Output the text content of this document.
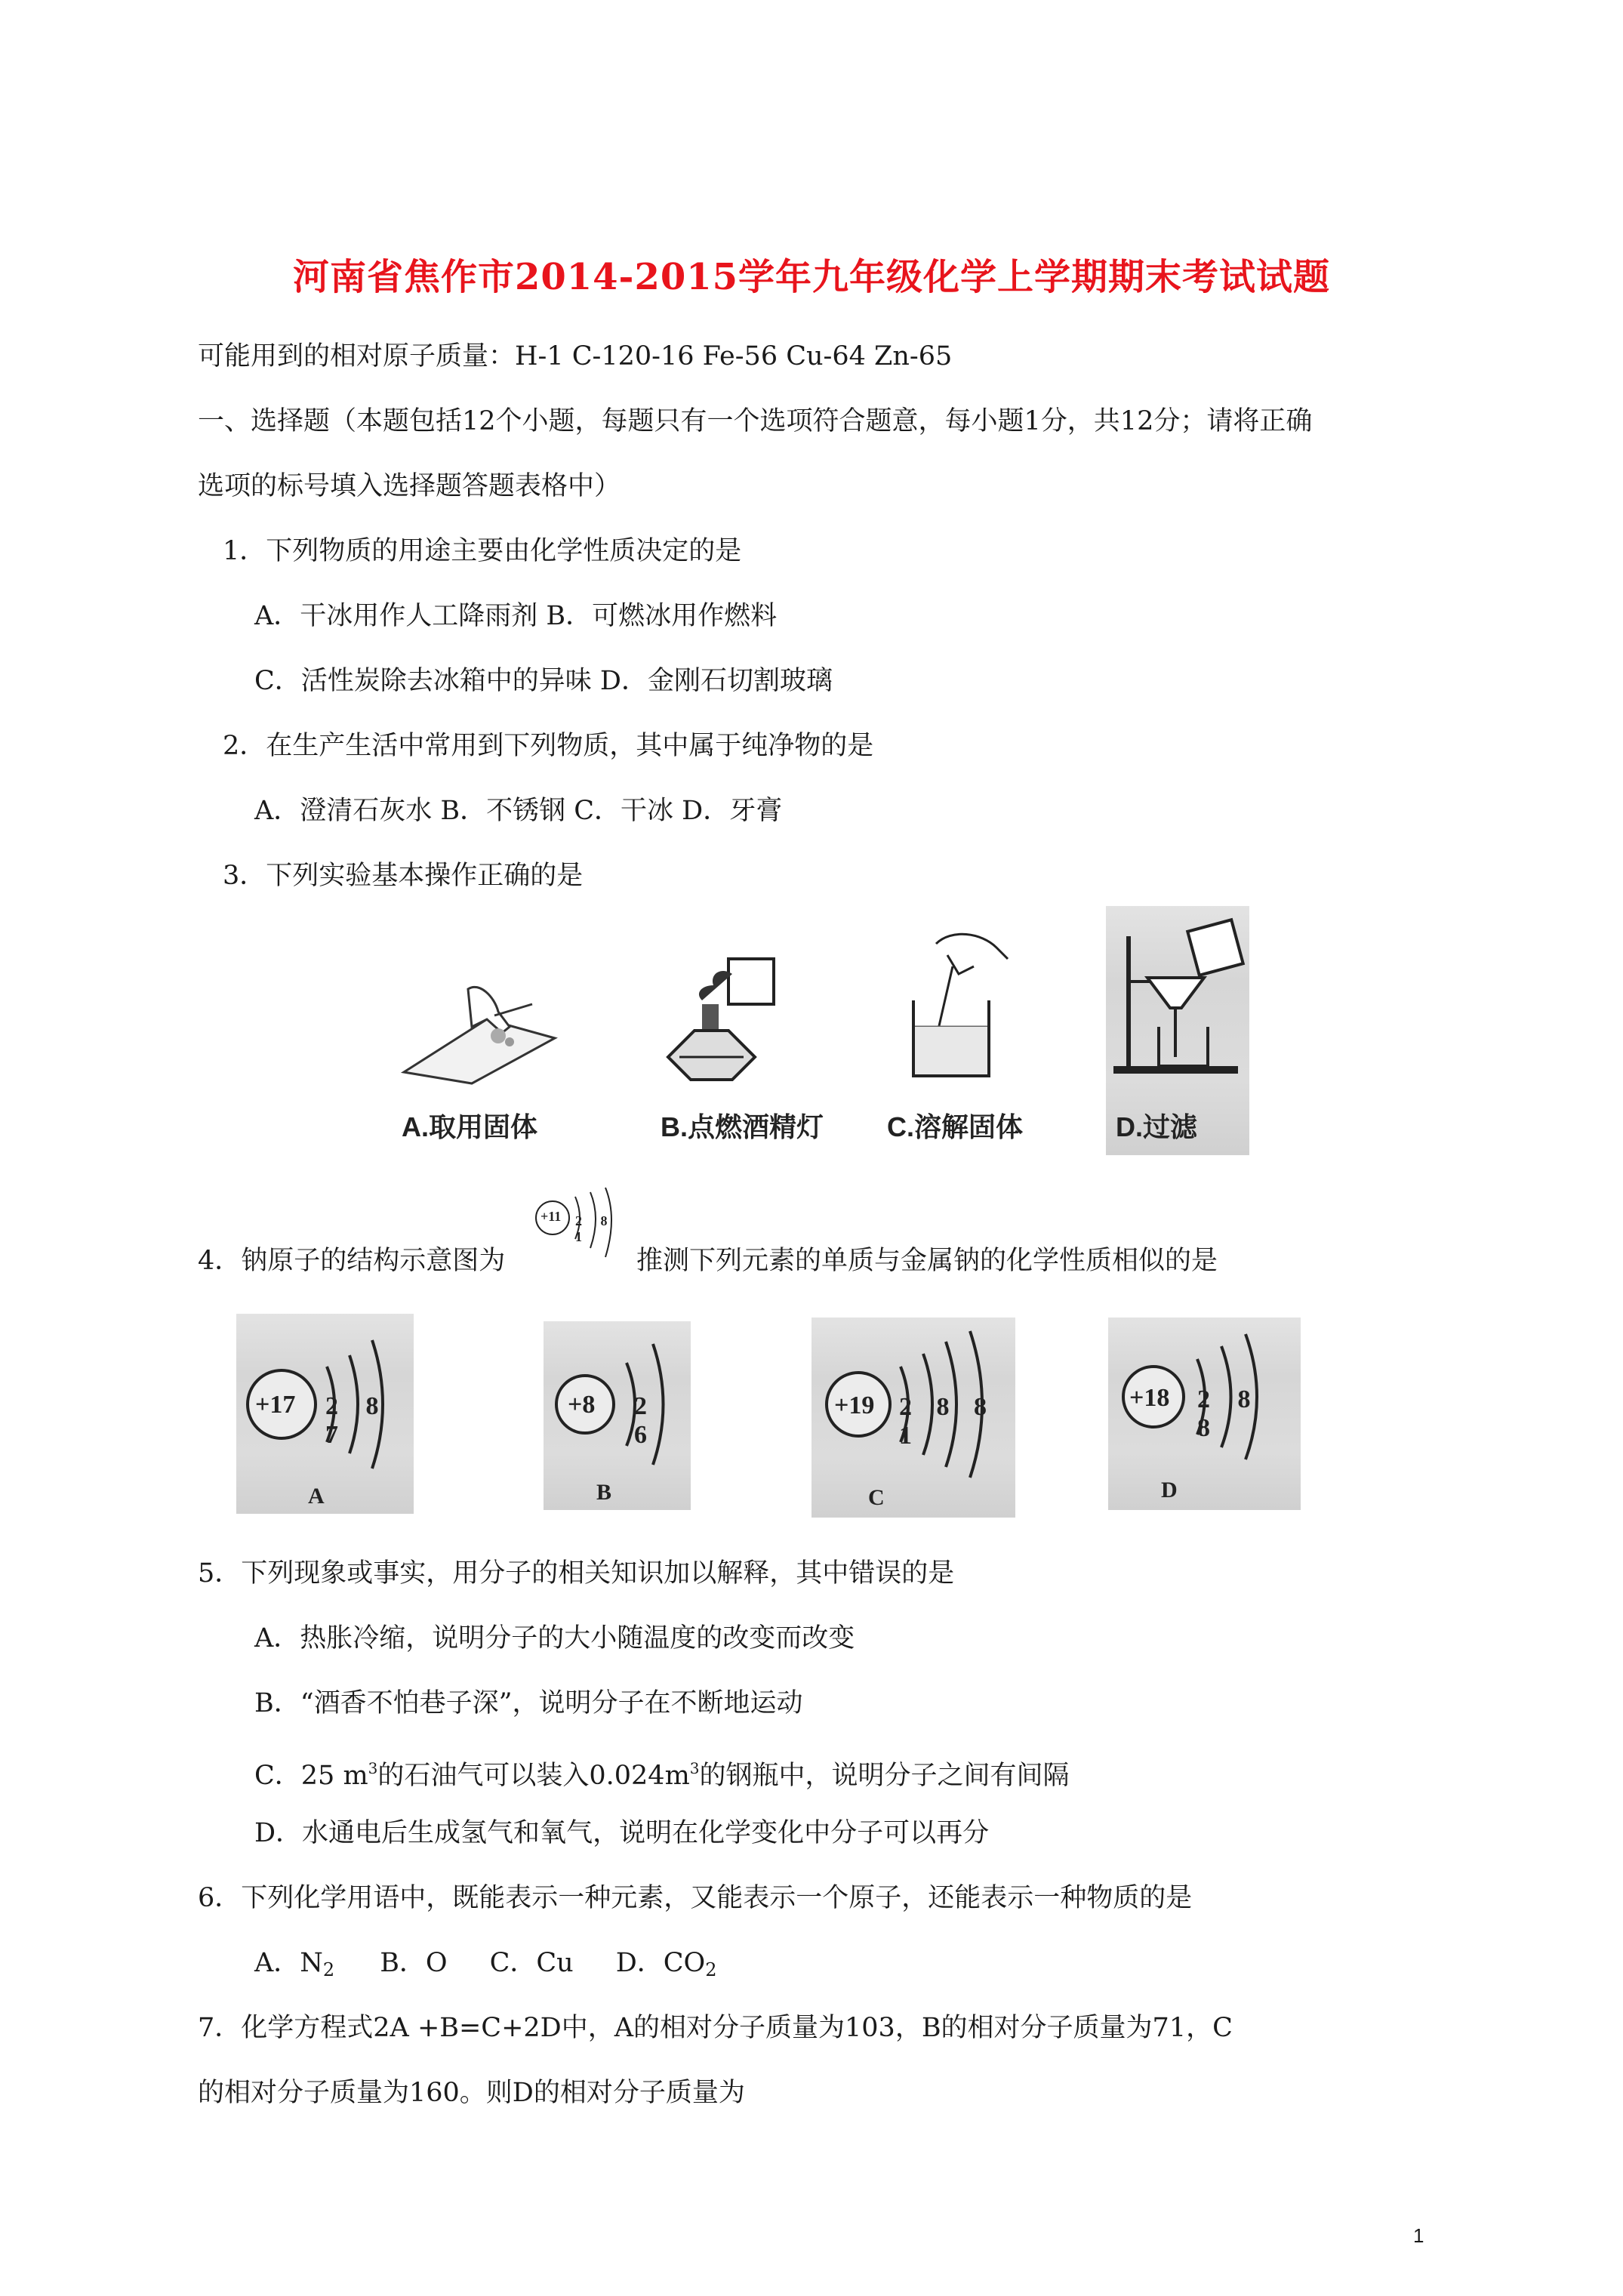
河南省焦作市2014-2015学年九年级化学上学期期末考试试题
可能用到的相对原子质量：H-1 C-120-16 Fe-56 Cu-64 Zn-65
一、选择题（本题包括12个小题，每题只有一个选项符合题意，每小题1分，共12分；请将正确
选项的标号填入选择题答题表格中）
1．下列物质的用途主要由化学性质决定的是
A．干冰用作人工降雨剂 B．可燃冰用作燃料
C．活性炭除去冰箱中的异味 D．金刚石切割玻璃
2．在生产生活中常用到下列物质，其中属于纯净物的是
A．澄清石灰水 B．不锈钢 C．干冰 D．牙膏
3．下列实验基本操作正确的是
A.取用固体	B.点燃酒精灯 C.溶解固体	D.过滤
4．钠原子的结构示意图为
+11 2 8 1
推测下列元素的单质与金属钠的化学性质相似的是
+17 2 8 7
A
+8 2 6
B
+19 2 8 8 1
C
+18 2 8 8
D
5．下列现象或事实，用分子的相关知识加以解释，其中错误的是
A．热胀冷缩，说明分子的大小随温度的改变而改变
B．“酒香不怕巷子深”，说明分子在不断地运动
C．25 $m^3$的石油气可以装入$0.024m^3$的钢瓶中，说明分子之间有间隔
D．水通电后生成氢气和氧气，说明在化学变化中分子可以再分
6．下列化学用语中，既能表示一种元素，又能表示一个原子，还能表示一种物质的是
A．$N_2$ B．O C．Cu D．$CO_2$
7．化学方程式2A +B=C+2D中，A的相对分子质量为103，B的相对分子质量为71，C
的相对分子质量为160。则D的相对分子质量为
1
